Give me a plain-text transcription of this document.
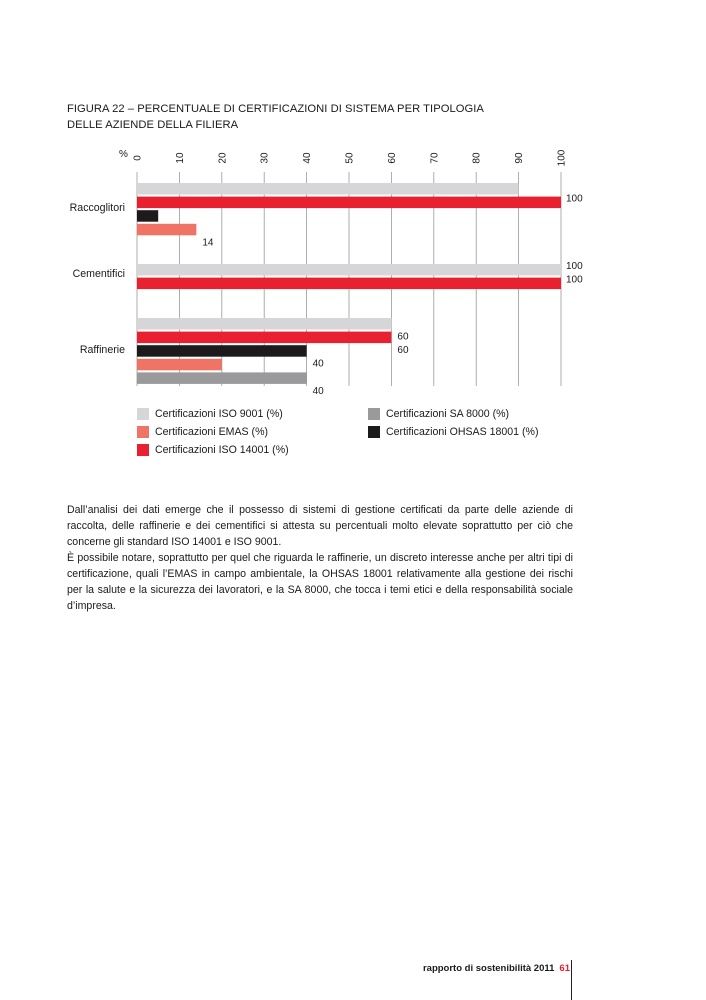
FIGURA 22 – PERCENTUALE DI CERTIFICAZIONI DI SISTEMA PER TIPOLOGIA
DELLE AZIENDE DELLA FILIERA
0	10	20	30	40	50	60	70	80	90	100
%
Raccoglitori
100
14
Cementifici
100
100
Raffinerie
60
60
40
40
Certificazioni ISO 9001 (%)
Certificazioni EMAS (%)
Certificazioni ISO 14001 (%)
Certificazioni SA 8000 (%)
Certificazioni OHSAS 18001 (%)

Dall’analisi dei dati emerge che il possesso di sistemi di gestione certificati da parte delle aziende di raccolta, delle raffinerie e dei cementifici si attesta su percentuali molto elevate soprattutto per ciò che concerne gli standard ISO 14001 e ISO 9001.

È possibile notare, soprattutto per quel che riguarda le raffinerie, un discreto interesse anche per altri tipi di certificazione, quali l’EMAS in campo ambientale, la OHSAS 18001 relativamente alla gestione dei rischi per la salute e la sicurezza dei lavoratori, e la SA 8000, che tocca i temi etici e della responsabilità sociale d’impresa.

rapporto di sostenibilità 2011 61
